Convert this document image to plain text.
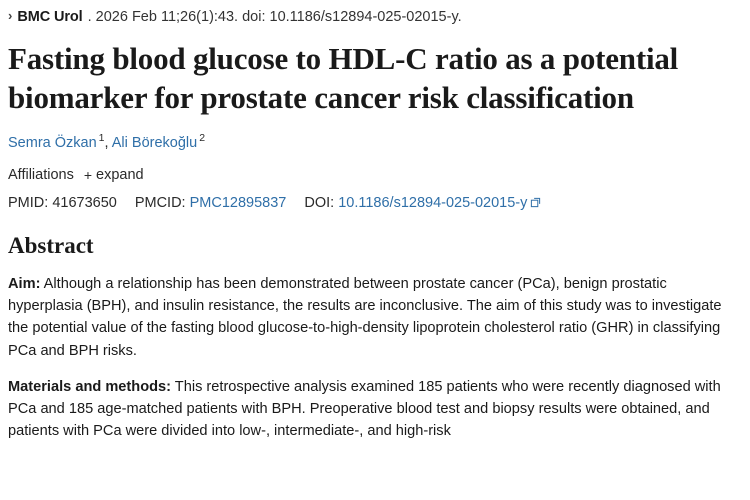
› BMC Urol . 2026 Feb 11;26(1):43. doi: 10.1186/s12894-025-02015-y.
Fasting blood glucose to HDL-C ratio as a potential biomarker for prostate cancer risk classification
Semra Özkan $^1$, Ali Börekoğlu $^2$
Affiliations + expand
PMID: 41673650 PMCID: PMC12895837 DOI: 10.1186/s12894-025-02015-y
Abstract

Aim: Although a relationship has been demonstrated between prostate cancer (PCa), benign prostatic hyperplasia (BPH), and insulin resistance, the results are inconclusive. The aim of this study was to investigate the potential value of the fasting blood glucose-to-high-density lipoprotein cholesterol ratio (GHR) in classifying PCa and BPH risks.

Materials and methods: This retrospective analysis examined 185 patients who were recently diagnosed with PCa and 185 age-matched patients with BPH. Preoperative blood test and biopsy results were obtained, and patients with PCa were divided into low-, intermediate-, and high-risk
